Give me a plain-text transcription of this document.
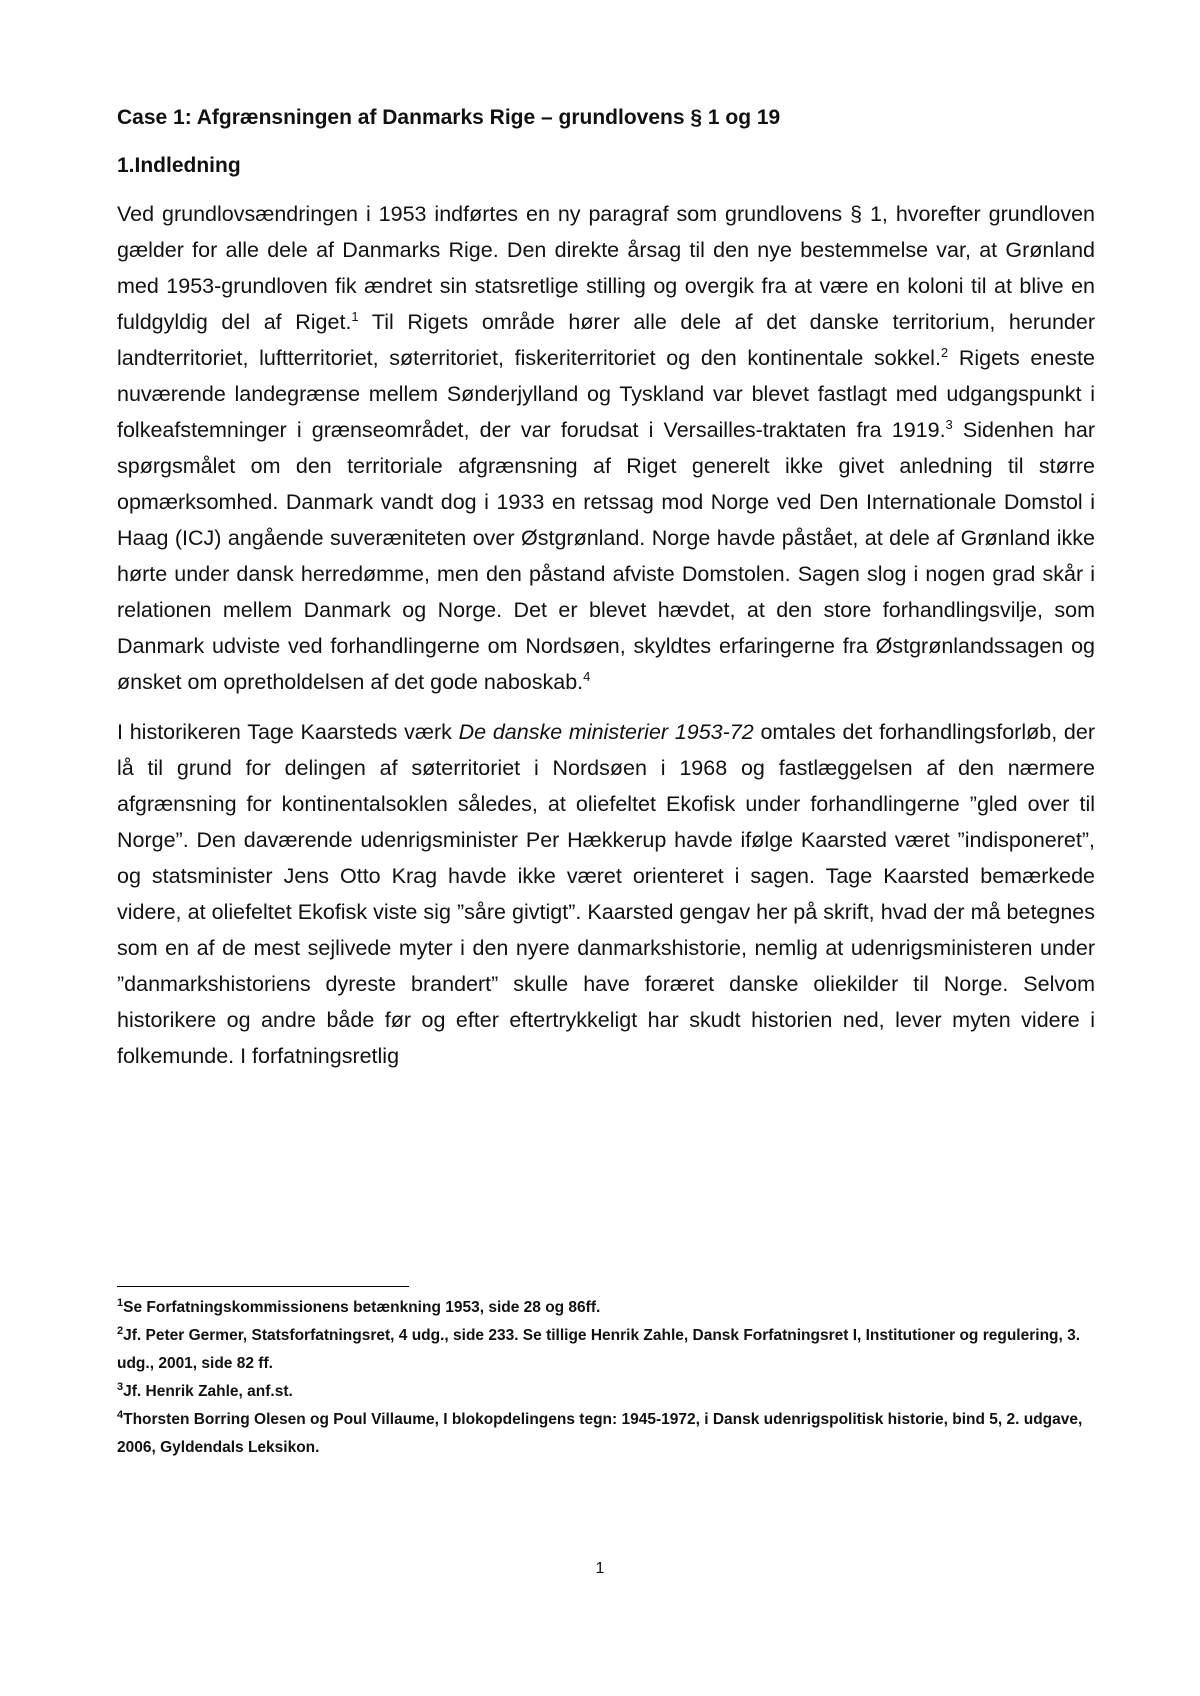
Case 1: Afgrænsningen af Danmarks Rige – grundlovens § 1 og 19
1.Indledning

Ved grundlovsændringen i 1953 indførtes en ny paragraf som grundlovens § 1, hvorefter grundloven gælder for alle dele af Danmarks Rige. Den direkte årsag til den nye bestemmelse var, at Grønland med 1953-grundloven fik ændret sin statsretlige stilling og overgik fra at være en koloni til at blive en fuldgyldig del af Riget.$^1$ Til Rigets område hører alle dele af det danske territorium, herunder landterritoriet, luftterritoriet, søterritoriet, fiskeriterritoriet og den kontinentale sokkel.$^2$ Rigets eneste nuværende landegrænse mellem Sønderjylland og Tyskland var blevet fastlagt med udgangspunkt i folkeafstemninger i grænseområdet, der var forudsat i Versailles-traktaten fra 1919.$^3$ Sidenhen har spørgsmålet om den territoriale afgrænsning af Riget generelt ikke givet anledning til større opmærksomhed. Danmark vandt dog i 1933 en retssag mod Norge ved Den Internationale Domstol i Haag (ICJ) angående suveræniteten over Østgrønland. Norge havde påstået, at dele af Grønland ikke hørte under dansk herredømme, men den påstand afviste Domstolen. Sagen slog i nogen grad skår i relationen mellem Danmark og Norge. Det er blevet hævdet, at den store forhandlingsvilje, som Danmark udviste ved forhandlingerne om Nordsøen, skyldtes erfaringerne fra Østgrønlandssagen og ønsket om opretholdelsen af det gode naboskab.$^4$

I historikeren Tage Kaarsteds værk De danske ministerier 1953-72 omtales det forhandlingsforløb, der lå til grund for delingen af søterritoriet i Nordsøen i 1968 og fastlæggelsen af den nærmere afgrænsning for kontinentalsoklen således, at oliefeltet Ekofisk under forhandlingerne ”gled over til Norge”. Den daværende udenrigsminister Per Hækkerup havde ifølge Kaarsted været ”indisponeret”, og statsminister Jens Otto Krag havde ikke været orienteret i sagen. Tage Kaarsted bemærkede videre, at oliefeltet Ekofisk viste sig ”såre givtigt”. Kaarsted gengav her på skrift, hvad der må betegnes som en af de mest sejlivede myter i den nyere danmarkshistorie, nemlig at udenrigsministeren under ”danmarkshistoriens dyreste brandert” skulle have foræret danske oliekilder til Norge. Selvom historikere og andre både før og efter eftertrykkeligt har skudt historien ned, lever myten videre i folkemunde. I forfatningsretlig

$^1$Se Forfatningskommissionens betænkning 1953, side 28 og 86ff.

$^2$Jf. Peter Germer, Statsforfatningsret, 4 udg., side 233. Se tillige Henrik Zahle, Dansk Forfatningsret I, Institutioner og regulering, 3. udg., 2001, side 82 ff.

$^3$Jf. Henrik Zahle, anf.st.

$^4$Thorsten Borring Olesen og Poul Villaume, I blokopdelingens tegn: 1945-1972, i Dansk udenrigspolitisk historie, bind 5, 2. udgave, 2006, Gyldendals Leksikon.

1
